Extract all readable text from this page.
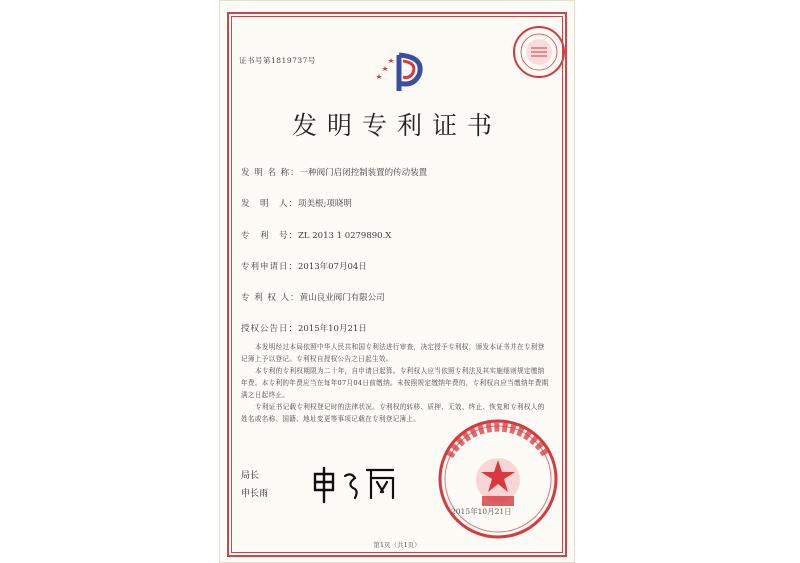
证书号第1819737号
发明专利证书
发 明 名 称：一种阀门启闭控制装置的传动装置
发　明　人：项美根;项晓明
专　利　号：ZL 2013 1 0279890.X
专利申请日：2013年07月04日
专 利 权 人：黄山良业阀门有限公司
授权公告日：2015年10月21日
本发明经过本局依照中华人民共和国专利法进行审查，决定授予专利权，颁发本证书并在专利登记簿上予以登记。专利权自授权公告之日起生效。
本专利的专利权期限为二十年，自申请日起算。专利权人应当依照专利法及其实施细则规定缴纳年费。本专利的年费应当在每年07月04日前缴纳。未按照规定缴纳年费的，专利权自应当缴纳年费期满之日起终止。
专利证书记载专利权登记时的法律状况。专利权的转移、质押、无效、终止、恢复和专利权人的姓名或名称、国籍、地址变更等事项记载在专利登记簿上。
局长
申长雨
2015年10月21日
第1页（共1页）
